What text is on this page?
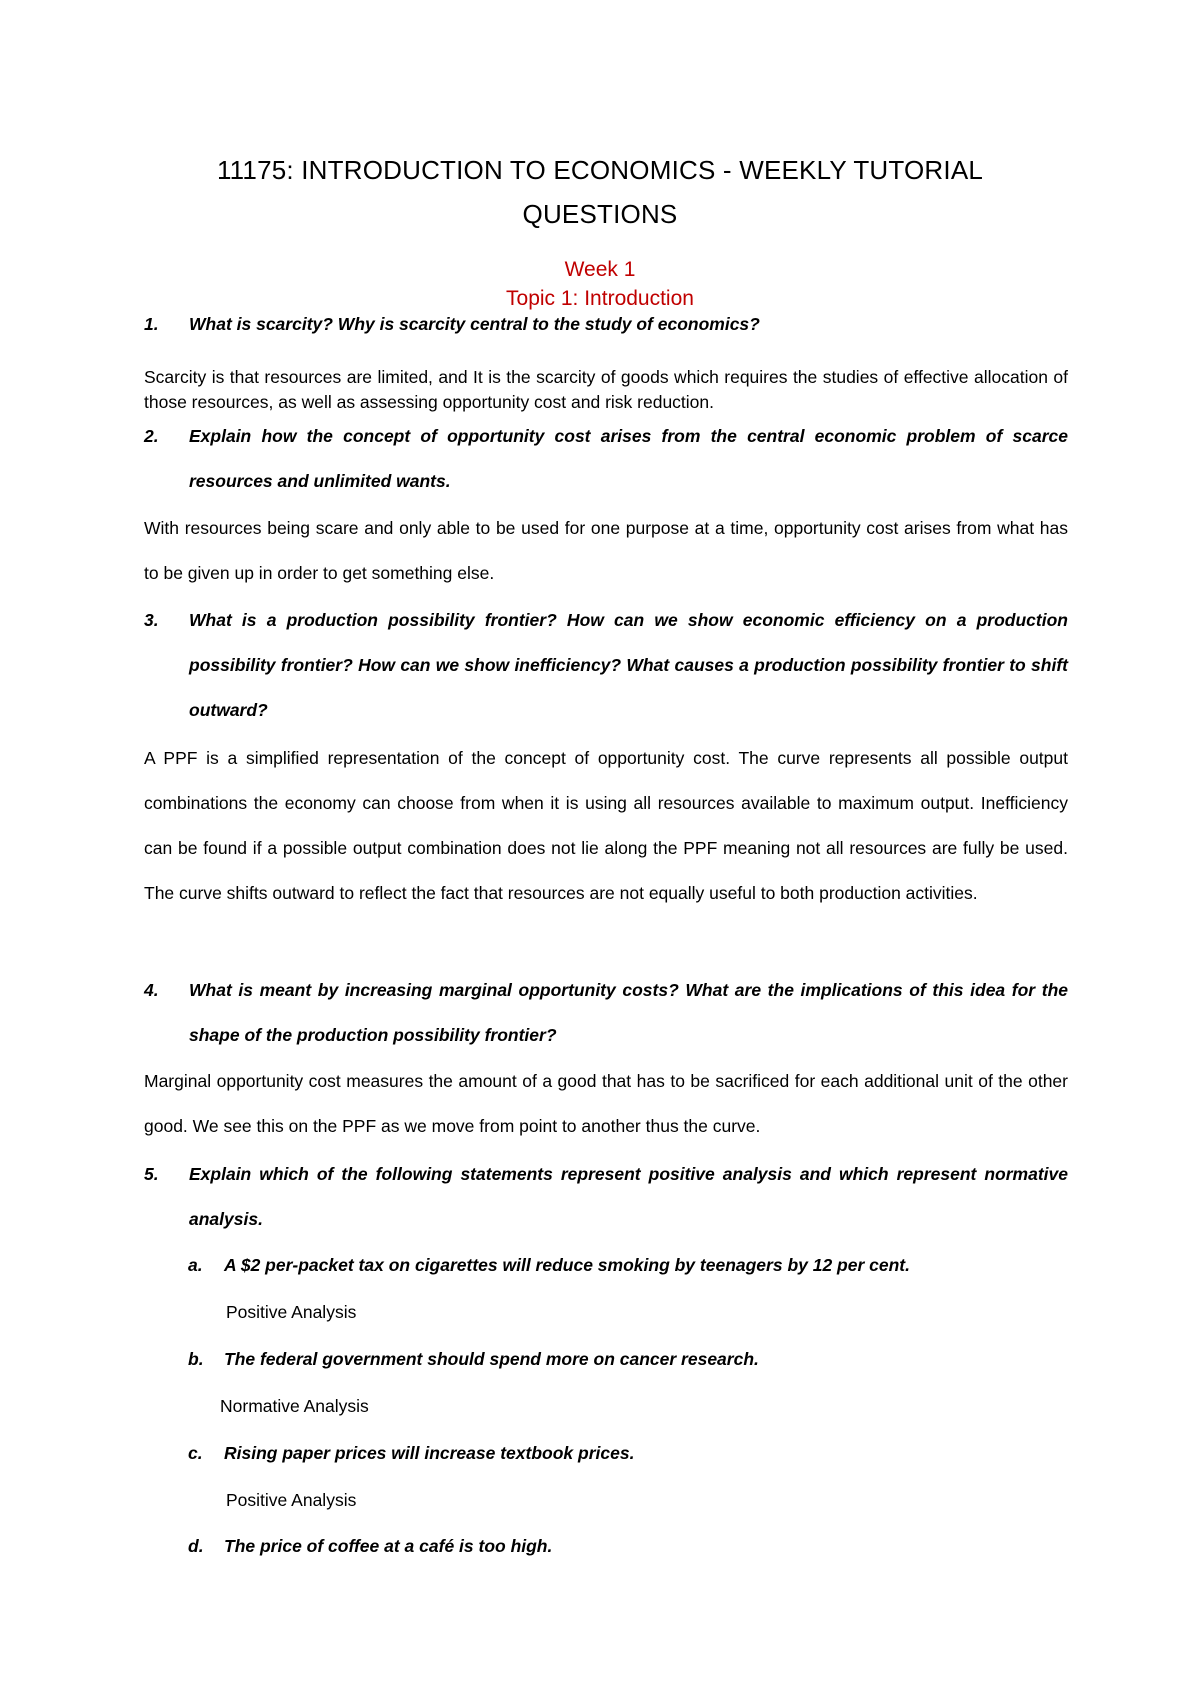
11175: INTRODUCTION TO ECONOMICS - WEEKLY TUTORIAL QUESTIONS
Week 1
Topic 1: Introduction
1. What is scarcity? Why is scarcity central to the study of economics?
Scarcity is that resources are limited, and It is the scarcity of goods which requires the studies of effective allocation of those resources, as well as assessing opportunity cost and risk reduction.
2. Explain how the concept of opportunity cost arises from the central economic problem of scarce resources and unlimited wants.
With resources being scare and only able to be used for one purpose at a time, opportunity cost arises from what has to be given up in order to get something else.
3. What is a production possibility frontier? How can we show economic efficiency on a production possibility frontier? How can we show inefficiency? What causes a production possibility frontier to shift outward?
A PPF is a simplified representation of the concept of opportunity cost. The curve represents all possible output combinations the economy can choose from when it is using all resources available to maximum output. Inefficiency can be found if a possible output combination does not lie along the PPF meaning not all resources are fully be used. The curve shifts outward to reflect the fact that resources are not equally useful to both production activities.
4. What is meant by increasing marginal opportunity costs? What are the implications of this idea for the shape of the production possibility frontier?
Marginal opportunity cost measures the amount of a good that has to be sacrificed for each additional unit of the other good. We see this on the PPF as we move from point to another thus the curve.
5. Explain which of the following statements represent positive analysis and which represent normative analysis.
a. A $2 per-packet tax on cigarettes will reduce smoking by teenagers by 12 per cent.
Positive Analysis
b. The federal government should spend more on cancer research.
Normative Analysis
c. Rising paper prices will increase textbook prices.
Positive Analysis
d. The price of coffee at a café is too high.
